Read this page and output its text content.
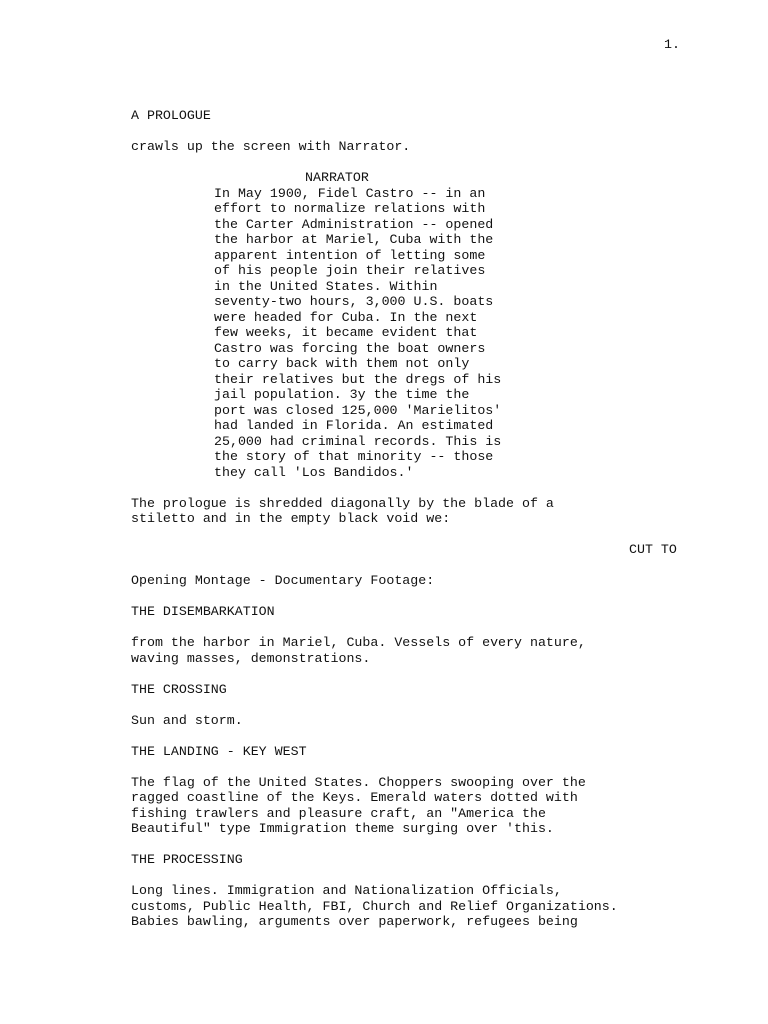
1.
A PROLOGUE
crawls up the screen with Narrator.
NARRATOR
In May 1900, Fidel Castro -- in an
effort to normalize relations with
the Carter Administration -- opened
the harbor at Mariel, Cuba with the
apparent intention of letting some
of his people join their relatives
in the United States. Within
seventy-two hours, 3,000 U.S. boats
were headed for Cuba. In the next
few weeks, it became evident that
Castro was forcing the boat owners
to carry back with them not only
their relatives but the dregs of his
jail population. 3y the time the
port was closed 125,000 'Marielitos'
had landed in Florida. An estimated
25,000 had criminal records. This is
the story of that minority -- those
they call 'Los Bandidos.'
The prologue is shredded diagonally by the blade of a
stiletto and in the empty black void we:
CUT TO
Opening Montage - Documentary Footage:
THE DISEMBARKATION
from the harbor in Mariel, Cuba. Vessels of every nature,
waving masses, demonstrations.
THE CROSSING
Sun and storm.
THE LANDING - KEY WEST
The flag of the United States. Choppers swooping over the
ragged coastline of the Keys. Emerald waters dotted with
fishing trawlers and pleasure craft, an "America the
Beautiful" type Immigration theme surging over 'this.
THE PROCESSING
Long lines. Immigration and Nationalization Officials,
customs, Public Health, FBI, Church and Relief Organizations.
Babies bawling, arguments over paperwork, refugees being
